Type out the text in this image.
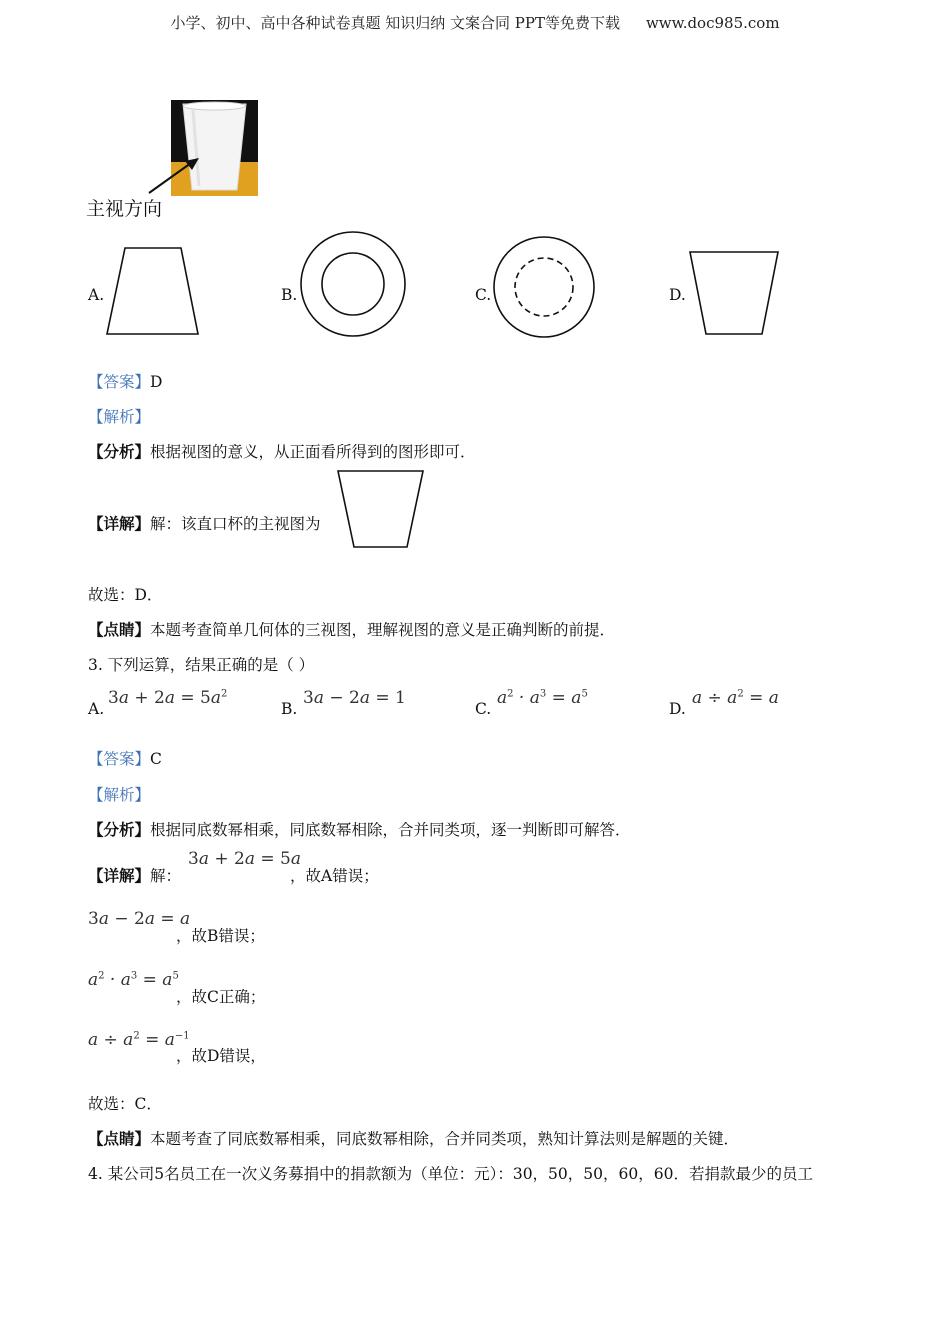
小学、初中、高中各种试卷真题 知识归纳 文案合同 PPT等免费下载 www.doc985.com
主视方向
A.	B.	C.	D.
【答案】D
【解析】
【分析】根据视图的意义，从正面看所得到的图形即可．
【详解】解：该直口杯的主视图为
故选：D．
【点睛】本题考查简单几何体的三视图，理解视图的意义是正确判断的前提．
3. 下列运算，结果正确的是（ ）
A.
$3a + 2a = 5a^2$
B.
3a − 2a = 1
C.
$a^2 \cdot a^3 = a^5$
D.
$a \div a^2 = a$
【答案】C
【解析】
【分析】根据同底数幂相乘，同底数幂相除，合并同类项，逐一判断即可解答．
【详解】解：
3a + 2a = 5a
，故A错误；
3a − 2a = a
，故B错误；
$a^2 \cdot a^3 = a^5$
，故C正确；
$a \div a^2 = a^{-1}$
，故D错误，
故选：C．
【点睛】本题考查了同底数幂相乘，同底数幂相除，合并同类项，熟知计算法则是解题的关键．
4. 某公司5名员工在一次义务募捐中的捐款额为（单位：元）：30，50，50，60，60．若捐款最少的员工
